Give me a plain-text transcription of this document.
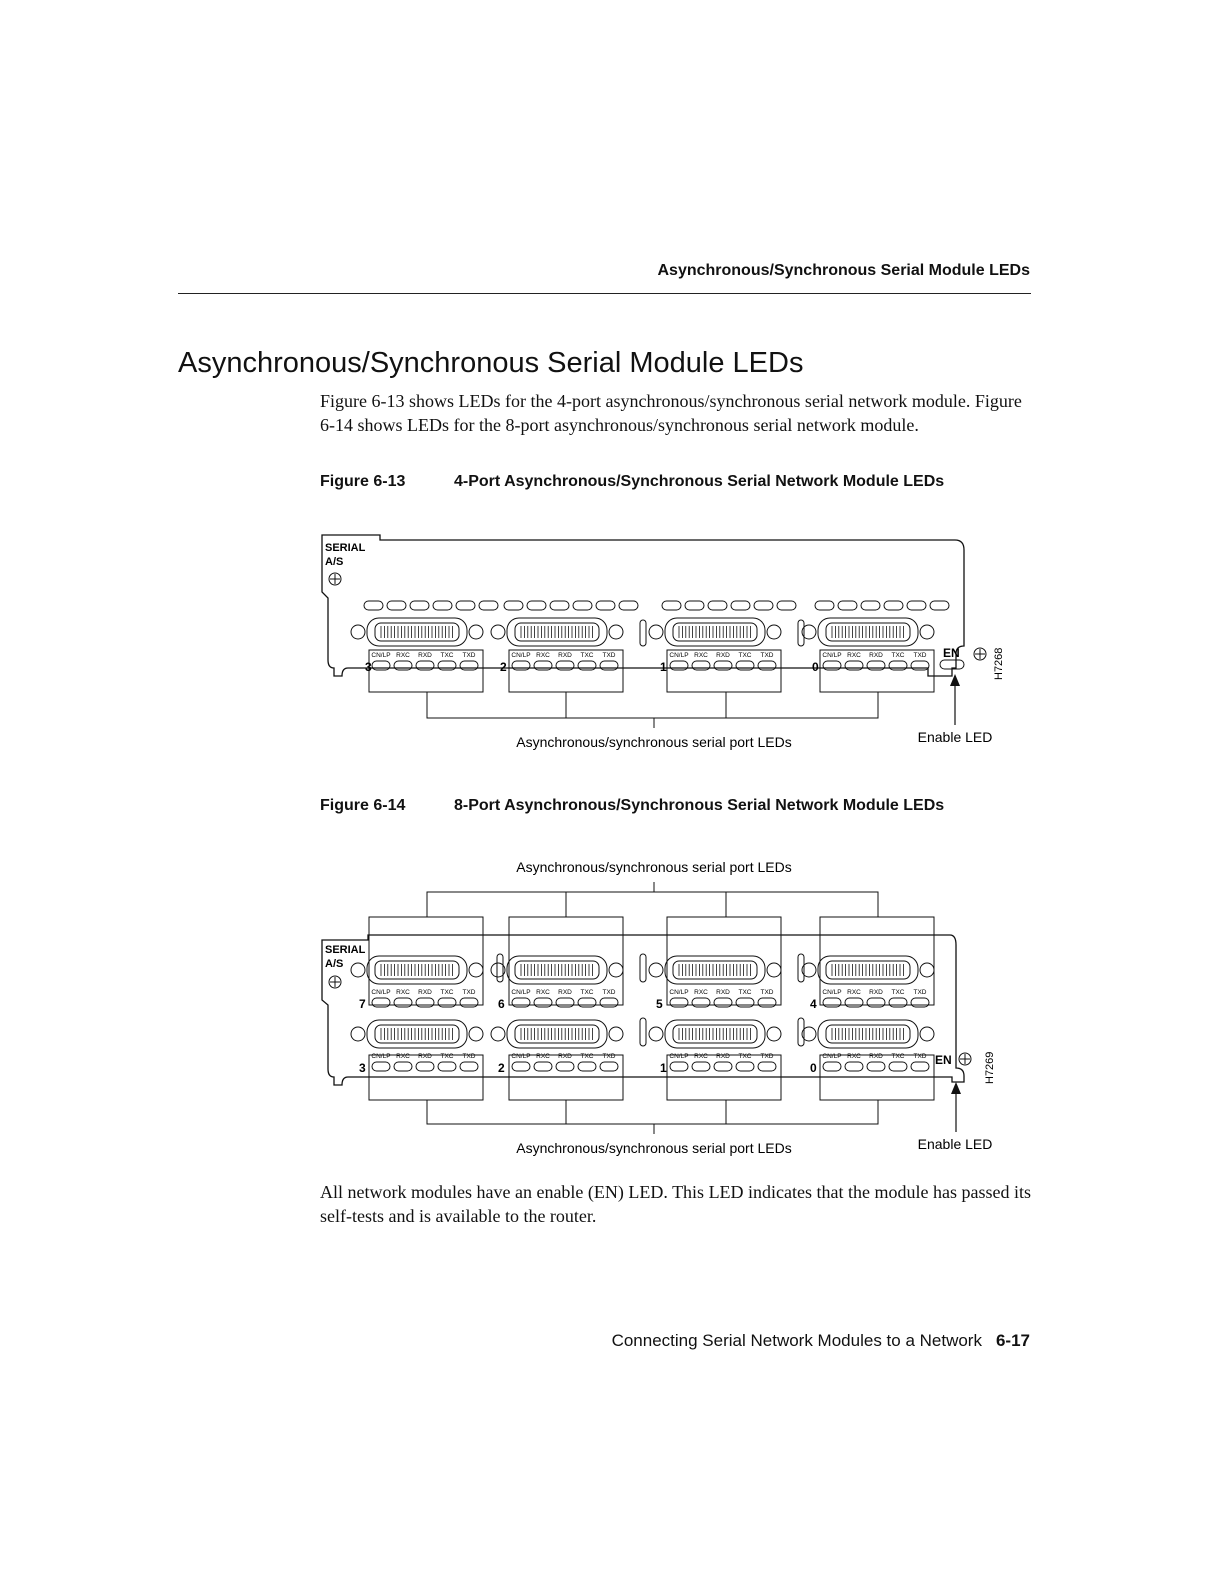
Asynchronous/Synchronous Serial Module LEDs
Asynchronous/Synchronous Serial Module LEDs

Figure 6-13 shows LEDs for the 4-port asynchronous/synchronous serial network module. Figure 6-14 shows LEDs for the 8-port asynchronous/synchronous serial network module.

Figure 6-13	4-Port Asynchronous/Synchronous Serial Network Module LEDs
SERIAL
A/S
CN/LP RXC RXD TXC TXD	CN/LP RXC RXD TXC TXD	CN/LP RXC RXD TXC TXD	CN/LP RXC RXD TXC TXD
3	2	1	0
EN	H7268
Asynchronous/synchronous serial port LEDs	Enable LED
Figure 6-14	8-Port Asynchronous/Synchronous Serial Network Module LEDs
Asynchronous/synchronous serial port LEDs
SERIAL
A/S
CN/LP RXC RXD TXC TXD
CN/LP RXC RXD TXC TXD
CN/LP RXC RXD TXC TXD
CN/LP RXC RXD TXC TXD
CN/LP RXC RXD TXC TXD
CN/LP RXC RXD TXC TXD
CN/LP RXC RXD TXC TXD
CN/LP RXC RXD TXC TXD
7	6	5	4
3	2	1	0
EN	H7269
Asynchronous/synchronous serial port LEDs	Enable LED

All network modules have an enable (EN) LED. This LED indicates that the module has passed its self-tests and is available to the router.

Connecting Serial Network Modules to a Network 6-17
